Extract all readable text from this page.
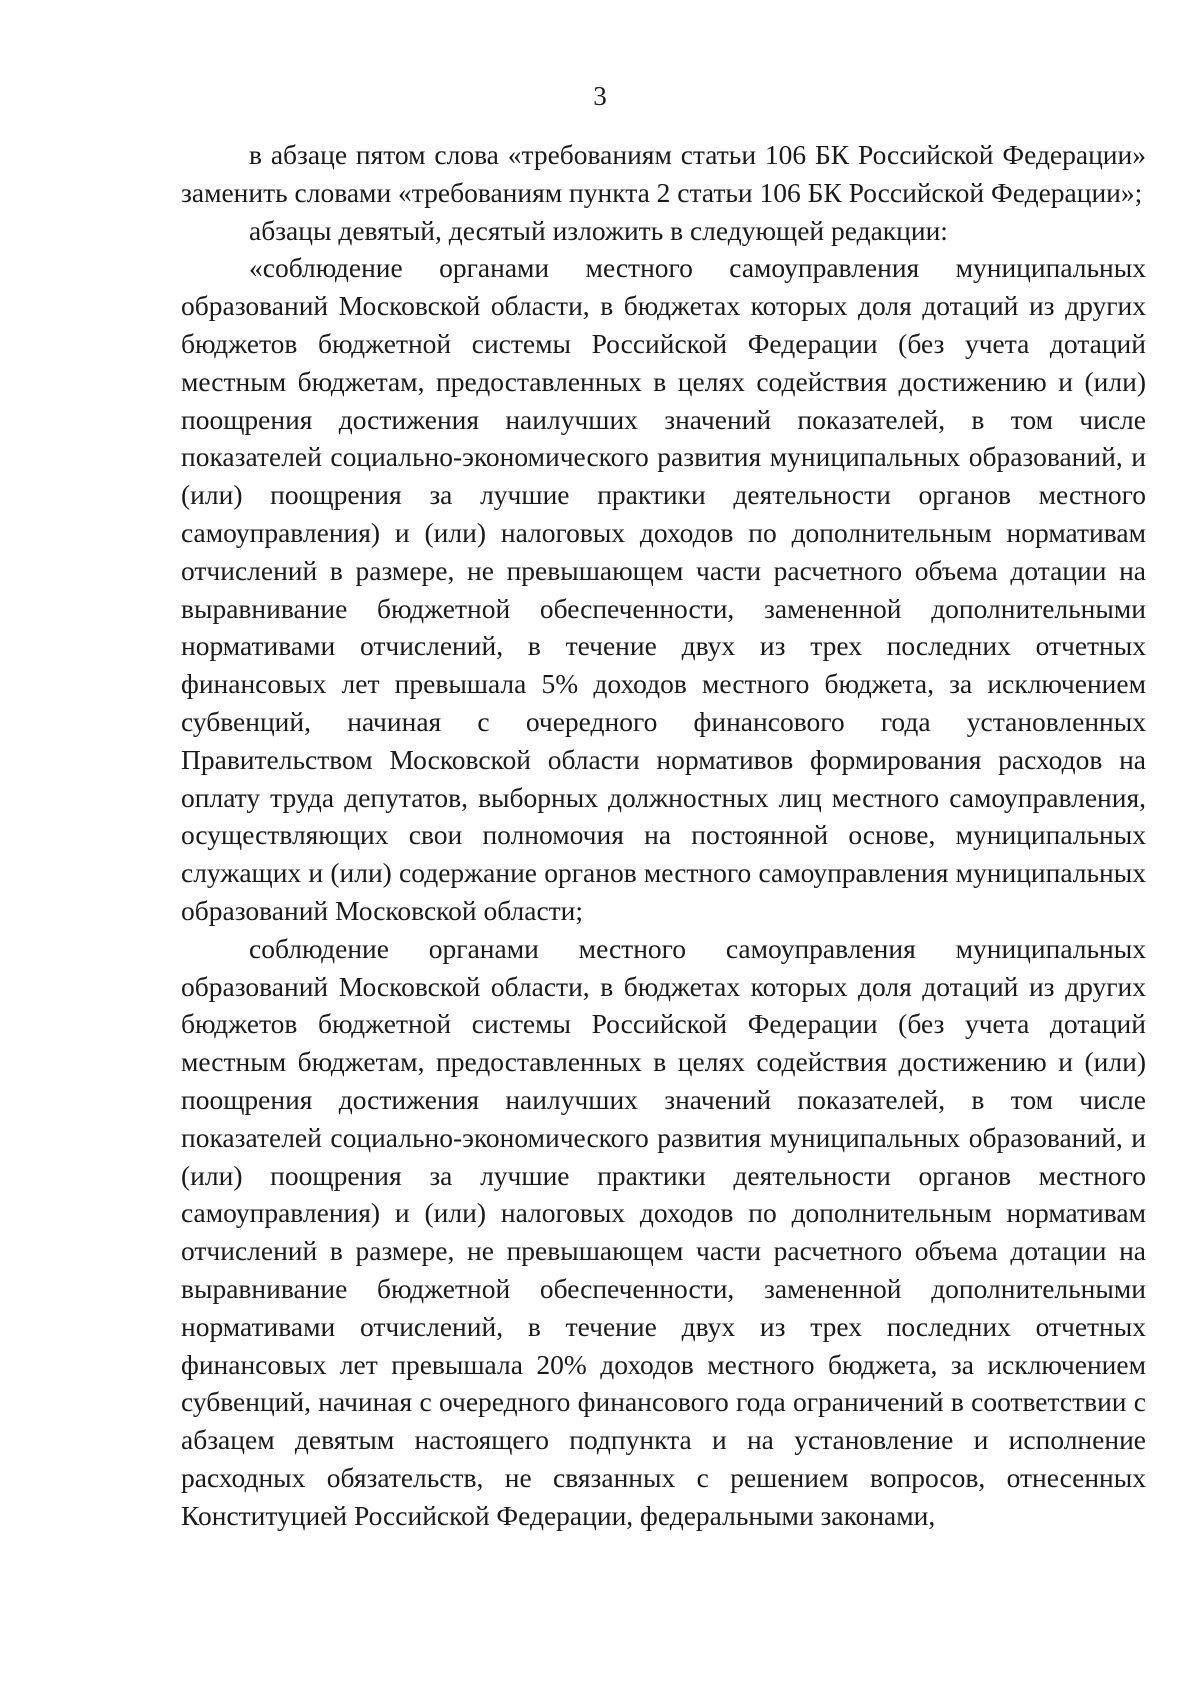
3

в абзаце пятом слова «требованиям статьи 106 БК Российской Федерации» заменить словами «требованиям пункта 2 статьи 106 БК Российской Федерации»;

абзацы девятый, десятый изложить в следующей редакции:

«соблюдение органами местного самоуправления муниципальных образований Московской области, в бюджетах которых доля дотаций из других бюджетов бюджетной системы Российской Федерации (без учета дотаций местным бюджетам, предоставленных в целях содействия достижению и (или) поощрения достижения наилучших значений показателей, в том числе показателей социально-экономического развития муниципальных образований, и (или) поощрения за лучшие практики деятельности органов местного самоуправления) и (или) налоговых доходов по дополнительным нормативам отчислений в размере, не превышающем части расчетного объема дотации на выравнивание бюджетной обеспеченности, замененной дополнительными нормативами отчислений, в течение двух из трех последних отчетных финансовых лет превышала 5% доходов местного бюджета, за исключением субвенций, начиная с очередного финансового года установленных Правительством Московской области нормативов формирования расходов на оплату труда депутатов, выборных должностных лиц местного самоуправления, осуществляющих свои полномочия на постоянной основе, муниципальных служащих и (или) содержание органов местного самоуправления муниципальных образований Московской области;

соблюдение органами местного самоуправления муниципальных образований Московской области, в бюджетах которых доля дотаций из других бюджетов бюджетной системы Российской Федерации (без учета дотаций местным бюджетам, предоставленных в целях содействия достижению и (или) поощрения достижения наилучших значений показателей, в том числе показателей социально-экономического развития муниципальных образований, и (или) поощрения за лучшие практики деятельности органов местного самоуправления) и (или) налоговых доходов по дополнительным нормативам отчислений в размере, не превышающем части расчетного объема дотации на выравнивание бюджетной обеспеченности, замененной дополнительными нормативами отчислений, в течение двух из трех последних отчетных финансовых лет превышала 20% доходов местного бюджета, за исключением субвенций, начиная с очередного финансового года ограничений в соответствии с абзацем девятым настоящего подпункта и на установление и исполнение расходных обязательств, не связанных с решением вопросов, отнесенных Конституцией Российской Федерации, федеральными законами,
